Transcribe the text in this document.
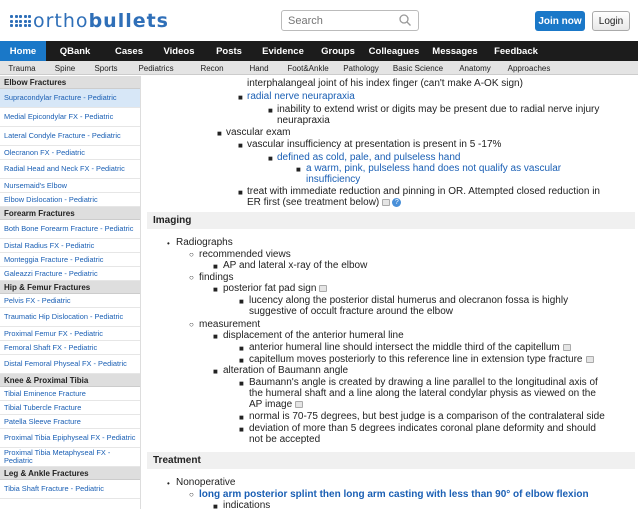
orthobullets
Search	Join now	Login
Home	QBank	Cases	Videos	Posts	Evidence	Groups	Colleagues	Messages	Feedback
Trauma	Spine	Sports	Pediatrics	Recon	Hand	Foot&Ankle	Pathology	Basic Science	Anatomy	Approaches
Elbow Fractures
Supracondylar Fracture - Pediatric
Medial Epicondylar FX - Pediatric
Lateral Condyle Fracture - Pediatric
Olecranon FX - Pediatric
Radial Head and Neck FX - Pediatric
Nursemaid's Elbow
Elbow Dislocation - Pediatric
Forearm Fractures
Both Bone Forearm Fracture - Pediatric
Distal Radius FX - Pediatric
Monteggia Fracture - Pediatric
Galeazzi Fracture - Pediatric
Hip & Femur Fractures
Pelvis FX - Pediatric
Traumatic Hip Dislocation - Pediatric
Proximal Femur FX - Pediatric
Femoral Shaft FX - Pediatric
Distal Femoral Physeal FX - Pediatric
Knee & Proximal Tibia
Tibial Eminence Fracture
Tibial Tubercle Fracture
Patella Sleeve Fracture
Proximal Tibia Epiphyseal FX - Pediatric
Proximal Tibia Metaphyseal FX - Pediatric
Leg & Ankle Fractures
Tibia Shaft Fracture - Pediatric
interphalangeal joint of his index finger (can't make A-OK sign)
■ radial nerve neurapraxia
■ inability to extend wrist or digits may be present due to radial nerve injury
neurapraxia
■ vascular exam
■ vascular insufficiency at presentation is present in 5 -17%
■ defined as cold, pale, and pulseless hand
■ a warm, pink, pulseless hand does not qualify as vascular
insufficiency
■ treat with immediate reduction and pinning in OR. Attempted closed reduction in
ER first (see treatment below) ?
Imaging
• Radiographs
○ recommended views
■ AP and lateral x-ray of the elbow
○ findings
■ posterior fat pad sign
■ lucency along the posterior distal humerus and olecranon fossa is highly
suggestive of occult fracture around the elbow
○ measurement
■ displacement of the anterior humeral line
■ anterior humeral line should intersect the middle third of the capitellum
■ capitellum moves posteriorly to this reference line in extension type fracture
■ alteration of Baumann angle
■ Baumann's angle is created by drawing a line parallel to the longitudinal axis of
the humeral shaft and a line along the lateral condylar physis as viewed on the
AP image
■ normal is 70-75 degrees, but best judge is a comparison of the contralateral side
■ deviation of more than 5 degrees indicates coronal plane deformity and should
not be accepted
Treatment
• Nonoperative
○ long arm posterior splint then long arm casting with less than 90° of elbow flexion
■ indications
